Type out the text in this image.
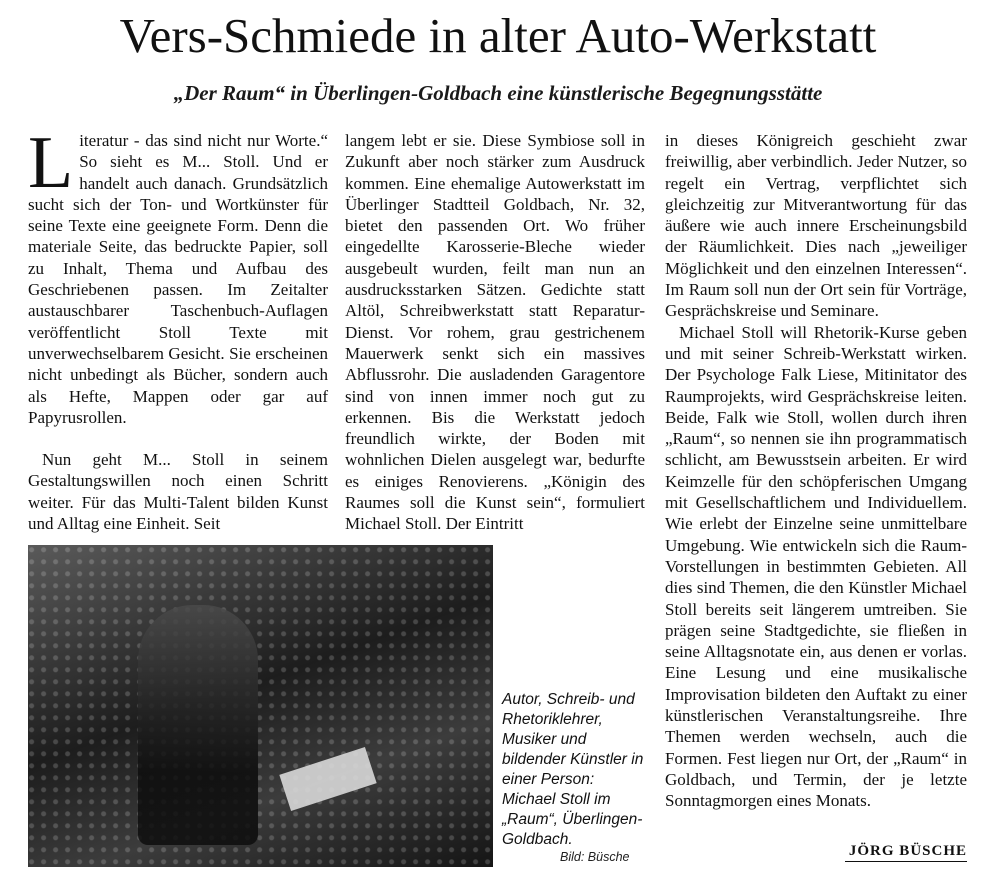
Vers-Schmiede in alter Auto-Werkstatt
„Der Raum“ in Überlingen-Goldbach eine künstlerische Begegnungsstätte

L iteratur - das sind nicht nur Worte.“ So sieht es M... Stoll. Und er handelt auch danach. Grundsätzlich sucht sich der Ton- und Wortkünster für seine Texte eine geeignete Form. Denn die materiale Seite, das bedruckte Papier, soll zu Inhalt, Thema und Aufbau des Geschriebenen passen. Im Zeitalter austauschbarer Taschenbuch-Auflagen veröffentlicht Stoll Texte mit unverwechselbarem Gesicht. Sie erscheinen nicht unbedingt als Bücher, sondern auch als Hefte, Mappen oder gar auf Papyrusrollen.

Nun geht M... Stoll in seinem Gestaltungswillen noch einen Schritt weiter. Für das Multi-Talent bilden Kunst und Alltag eine Einheit. Seit

langem lebt er sie. Diese Symbiose soll in Zukunft aber noch stärker zum Ausdruck kommen. Eine ehemalige Autowerkstatt im Überlinger Stadtteil Goldbach, Nr. 32, bietet den passenden Ort. Wo früher eingedellte Karosserie-Bleche wieder ausgebeult wurden, feilt man nun an ausdrucksstarken Sätzen. Gedichte statt Altöl, Schreibwerkstatt statt Reparatur-Dienst. Vor rohem, grau gestrichenem Mauerwerk senkt sich ein massives Abflussrohr. Die ausladenden Garagentore sind von innen immer noch gut zu erkennen. Bis die Werkstatt jedoch freundlich wirkte, der Boden mit wohnlichen Dielen ausgelegt war, bedurfte es einiges Renovierens. „Königin des Raumes soll die Kunst sein“, formuliert Michael Stoll. Der Eintritt

in dieses Königreich geschieht zwar freiwillig, aber verbindlich. Jeder Nutzer, so regelt ein Vertrag, verpflichtet sich gleichzeitig zur Mitverantwortung für das äußere wie auch innere Erscheinungsbild der Räumlichkeit. Dies nach „jeweiliger Möglichkeit und den einzelnen Interessen“. Im Raum soll nun der Ort sein für Vorträge, Gesprächskreise und Seminare.

Michael Stoll will Rhetorik-Kurse geben und mit seiner Schreib-Werkstatt wirken. Der Psychologe Falk Liese, Mitinitator des Raumprojekts, wird Gesprächskreise leiten. Beide, Falk wie Stoll, wollen durch ihren „Raum“, so nennen sie ihn programmatisch schlicht, am Bewusstsein arbeiten. Er wird Keimzelle für den schöpferischen Umgang mit Gesellschaftlichem und Individuellem. Wie erlebt der Einzelne seine unmittelbare Umgebung. Wie entwickeln sich die Raum-Vorstellungen in bestimmten Gebieten. All dies sind Themen, die den Künstler Michael Stoll bereits seit längerem umtreiben. Sie prägen seine Stadtgedichte, sie fließen in seine Alltagsnotate ein, aus denen er vorlas. Eine Lesung und eine musikalische Improvisation bildeten den Auftakt zu einer künstlerischen Veranstaltungsreihe. Ihre Themen werden wechseln, auch die Formen. Fest liegen nur Ort, der „Raum“ in Goldbach, und Termin, der je letzte Sonntagmorgen eines Monats.

Autor, Schreib- und Rhetoriklehrer, Musiker und bildender Künstler in einer Person: Michael Stoll im „Raum“, Überlingen-Goldbach.
Bild: Büsche	JÖRG BÜSCHE
